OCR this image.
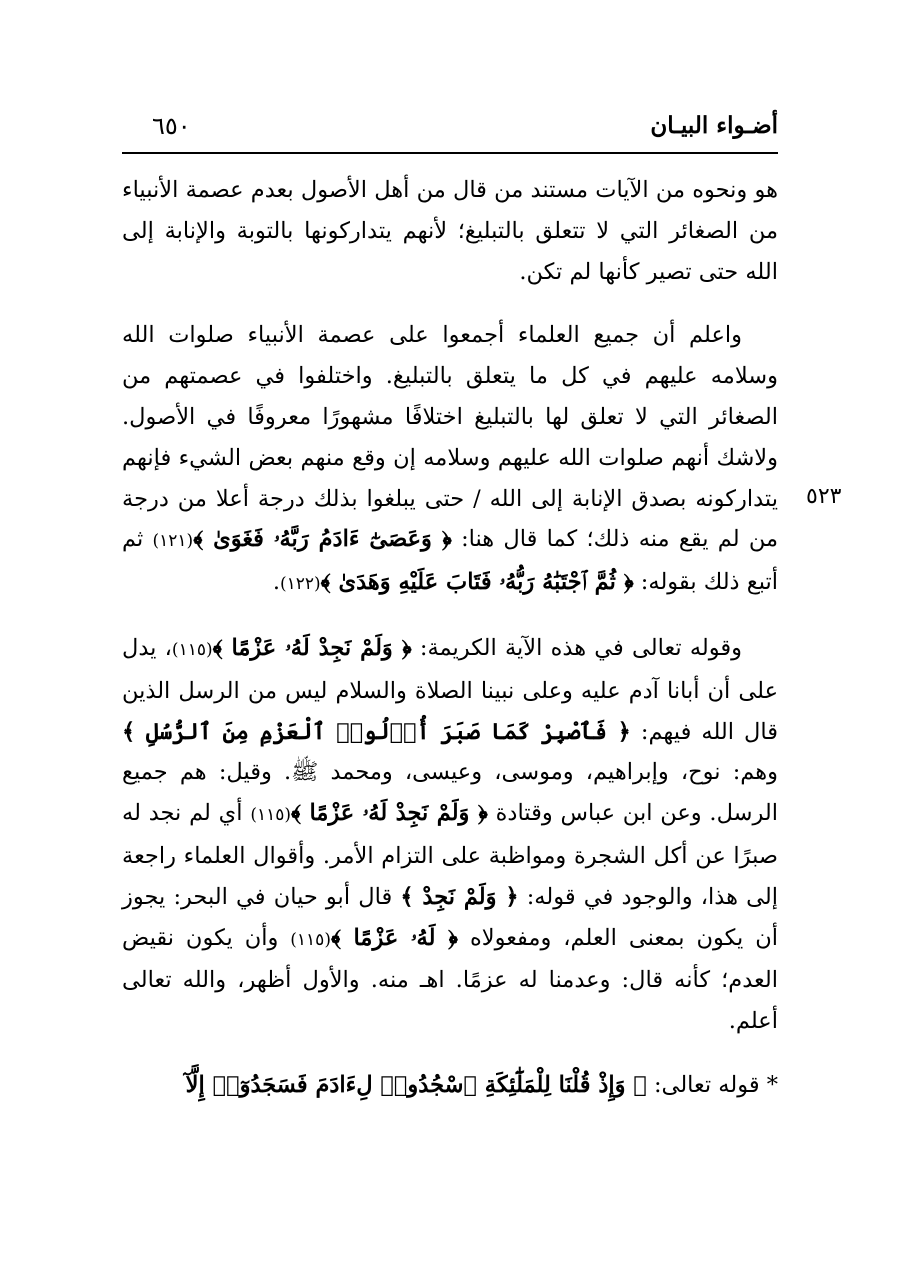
أضـواء البيـان
٦٥٠
٥٢٣

هو ونحوه من الآيات مستند من قال من أهل الأصول بعدم عصمة الأنبياء من الصغائر التي لا تتعلق بالتبليغ؛ لأنهم يتداركونها بالتوبة والإنابة إلى الله حتى تصير كأنها لم تكن.

واعلم أن جميع العلماء أجمعوا على عصمة الأنبياء صلوات الله وسلامه عليهم في كل ما يتعلق بالتبليغ. واختلفوا في عصمتهم من الصغائر التي لا تعلق لها بالتبليغ اختلافًا مشهورًا معروفًا في الأصول. ولاشك أنهم صلوات الله عليهم وسلامه إن وقع منهم بعض الشيء فإنهم يتداركونه بصدق الإنابة إلى الله / حتى يبلغوا بذلك درجة أعلا من درجة من لم يقع منه ذلك؛ كما قال هنا: ﴿ وَعَصَىٰٓ ءَادَمُ رَبَّهُۥ فَغَوَىٰ ﴾(١٢١) ثم أتبع ذلك بقوله: ﴿ ثُمَّ ٱجْتَبَٰهُ رَبُّهُۥ فَتَابَ عَلَيْهِ وَهَدَىٰ ﴾(١٢٢).

وقوله تعالى في هذه الآية الكريمة: ﴿ وَلَمْ نَجِدْ لَهُۥ عَزْمًا ﴾(١١٥)، يدل على أن أبانا آدم عليه وعلى نبينا الصلاة والسلام ليس من الرسل الذين قال الله فيهم: ﴿ فَٱصْبِرْ كَمَا صَبَرَ أُو۟لُوا۟ ٱلْعَزْمِ مِنَ ٱلرُّسُلِ ﴾ وهم: نوح، وإبراهيم، وموسى، وعيسى، ومحمد ﷺ. وقيل: هم جميع الرسل. وعن ابن عباس وقتادة ﴿ وَلَمْ نَجِدْ لَهُۥ عَزْمًا ﴾(١١٥) أي لم نجد له صبرًا عن أكل الشجرة ومواظبة على التزام الأمر. وأقوال العلماء راجعة إلى هذا، والوجود في قوله: ﴿ وَلَمْ نَجِدْ ﴾ قال أبو حيان في البحر: يجوز أن يكون بمعنى العلم، ومفعولاه ﴿ لَهُۥ عَزْمًا ﴾(١١٥) وأن يكون نقيض العدم؛ كأنه قال: وعدمنا له عزمًا. اهـ منه. والأول أظهر، والله تعالى أعلم.

* قوله تعالى: ﴿ وَإِذْ قُلْنَا لِلْمَلَٰٓئِكَةِ ٱسْجُدُوا۟ لِءَادَمَ فَسَجَدُوٓا۟ إِلَّآ
